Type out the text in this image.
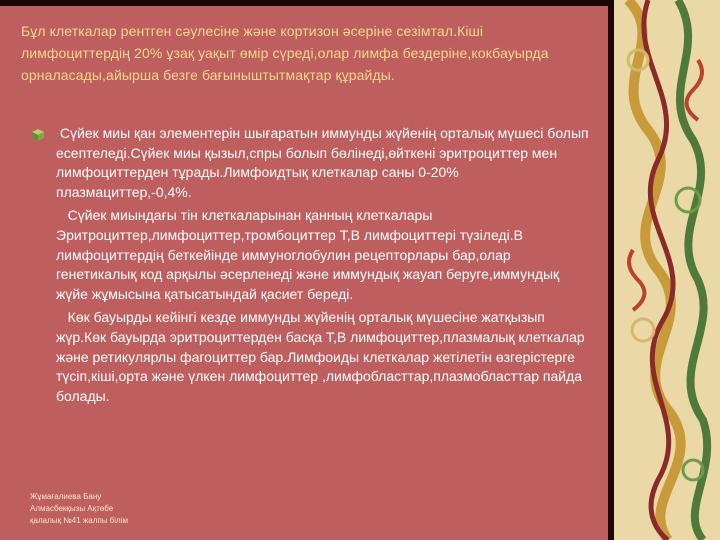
Бұл клеткалар рентген сәулесіне және кортизон әсеріне сезімтал.Кіші лимфоциттердің 20% ұзақ уақыт өмір сүреді,олар лимфа бездеріне,кокбауырда орналасады,айырша безге бағыныштытмақтар құрайды.

Сүйек миы қан элементерін шығаратын иммунды жүйенің орталық мүшесі болып есептеледі.Сүйек миы қызыл,спры болып бөлінеді,өйткені эритроциттер мен лимфоциттерден тұрады.Лимфоидтық клеткалар саны 0-20% плазмациттер,-0,4%.

Сүйек миындағы тін клеткаларынан қанның клеткалары Эритроциттер,лимфоциттер,тромбоциттер Т,В лимфоциттері түзіледі.В лимфоциттердің беткейінде иммуноглобулин рецепторлары бар,олар генетикалық код арқылы әсерленеді және иммундық жауап беруге,иммундық жүйе жұмысына қатысатындай қасиет береді.

Көк бауырды кейінгі кезде иммунды жүйенің орталық мүшесіне жатқызып жүр.Көк бауырда эритроциттерден басқа Т,В лимфоциттер,плазмалық клеткалар және ретикулярлы фагоциттер бар.Лимфоиды клеткалар жетілетін өзгерістерге түсіп,кіші,орта және үлкен лимфоциттер ,лимфобласттар,плазмобласттар пайда болады.

Жұмағалиева Бану
Алмасбекқызы Ақтөбе
қалалық №41 жалпы білім
